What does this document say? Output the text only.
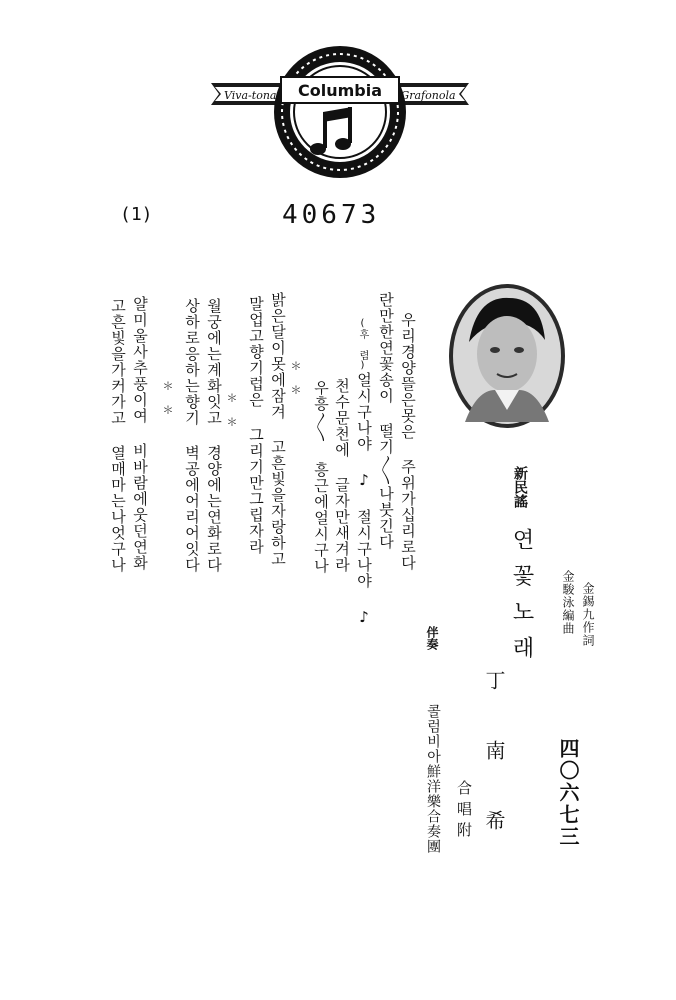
Viva-tonal	Grafonola
Columbia
(1)	40673
四〇六七三
金錫九作詞
金駿泳編曲
新民謠
연꽃노래
丁南希
合唱附
伴奏
콜럼비아鮮洋樂合奏團
우리경양뜰은못은 주위가십리로다
란만한연꽃송이 떨기〳〵나붓긴다
(후 렴)
얼시구나야 ♪ 절시구나야 ♪
천수문천에 글자만새겨라
우흥〳〵 흥근에얼시구나
＊ ＊
밝은달이못에잠겨 고흔빛을자랑하고
말업고향기럽은 그리기만그립자라
＊ ＊
월궁에는계화잇고 경양에는연화로다
상하로응하는향기 벽공에어리어잇다
＊ ＊
얄미울사추풍이여 비바람에웃던연화
고흔빛을가커가고 열매마는나엇구나
